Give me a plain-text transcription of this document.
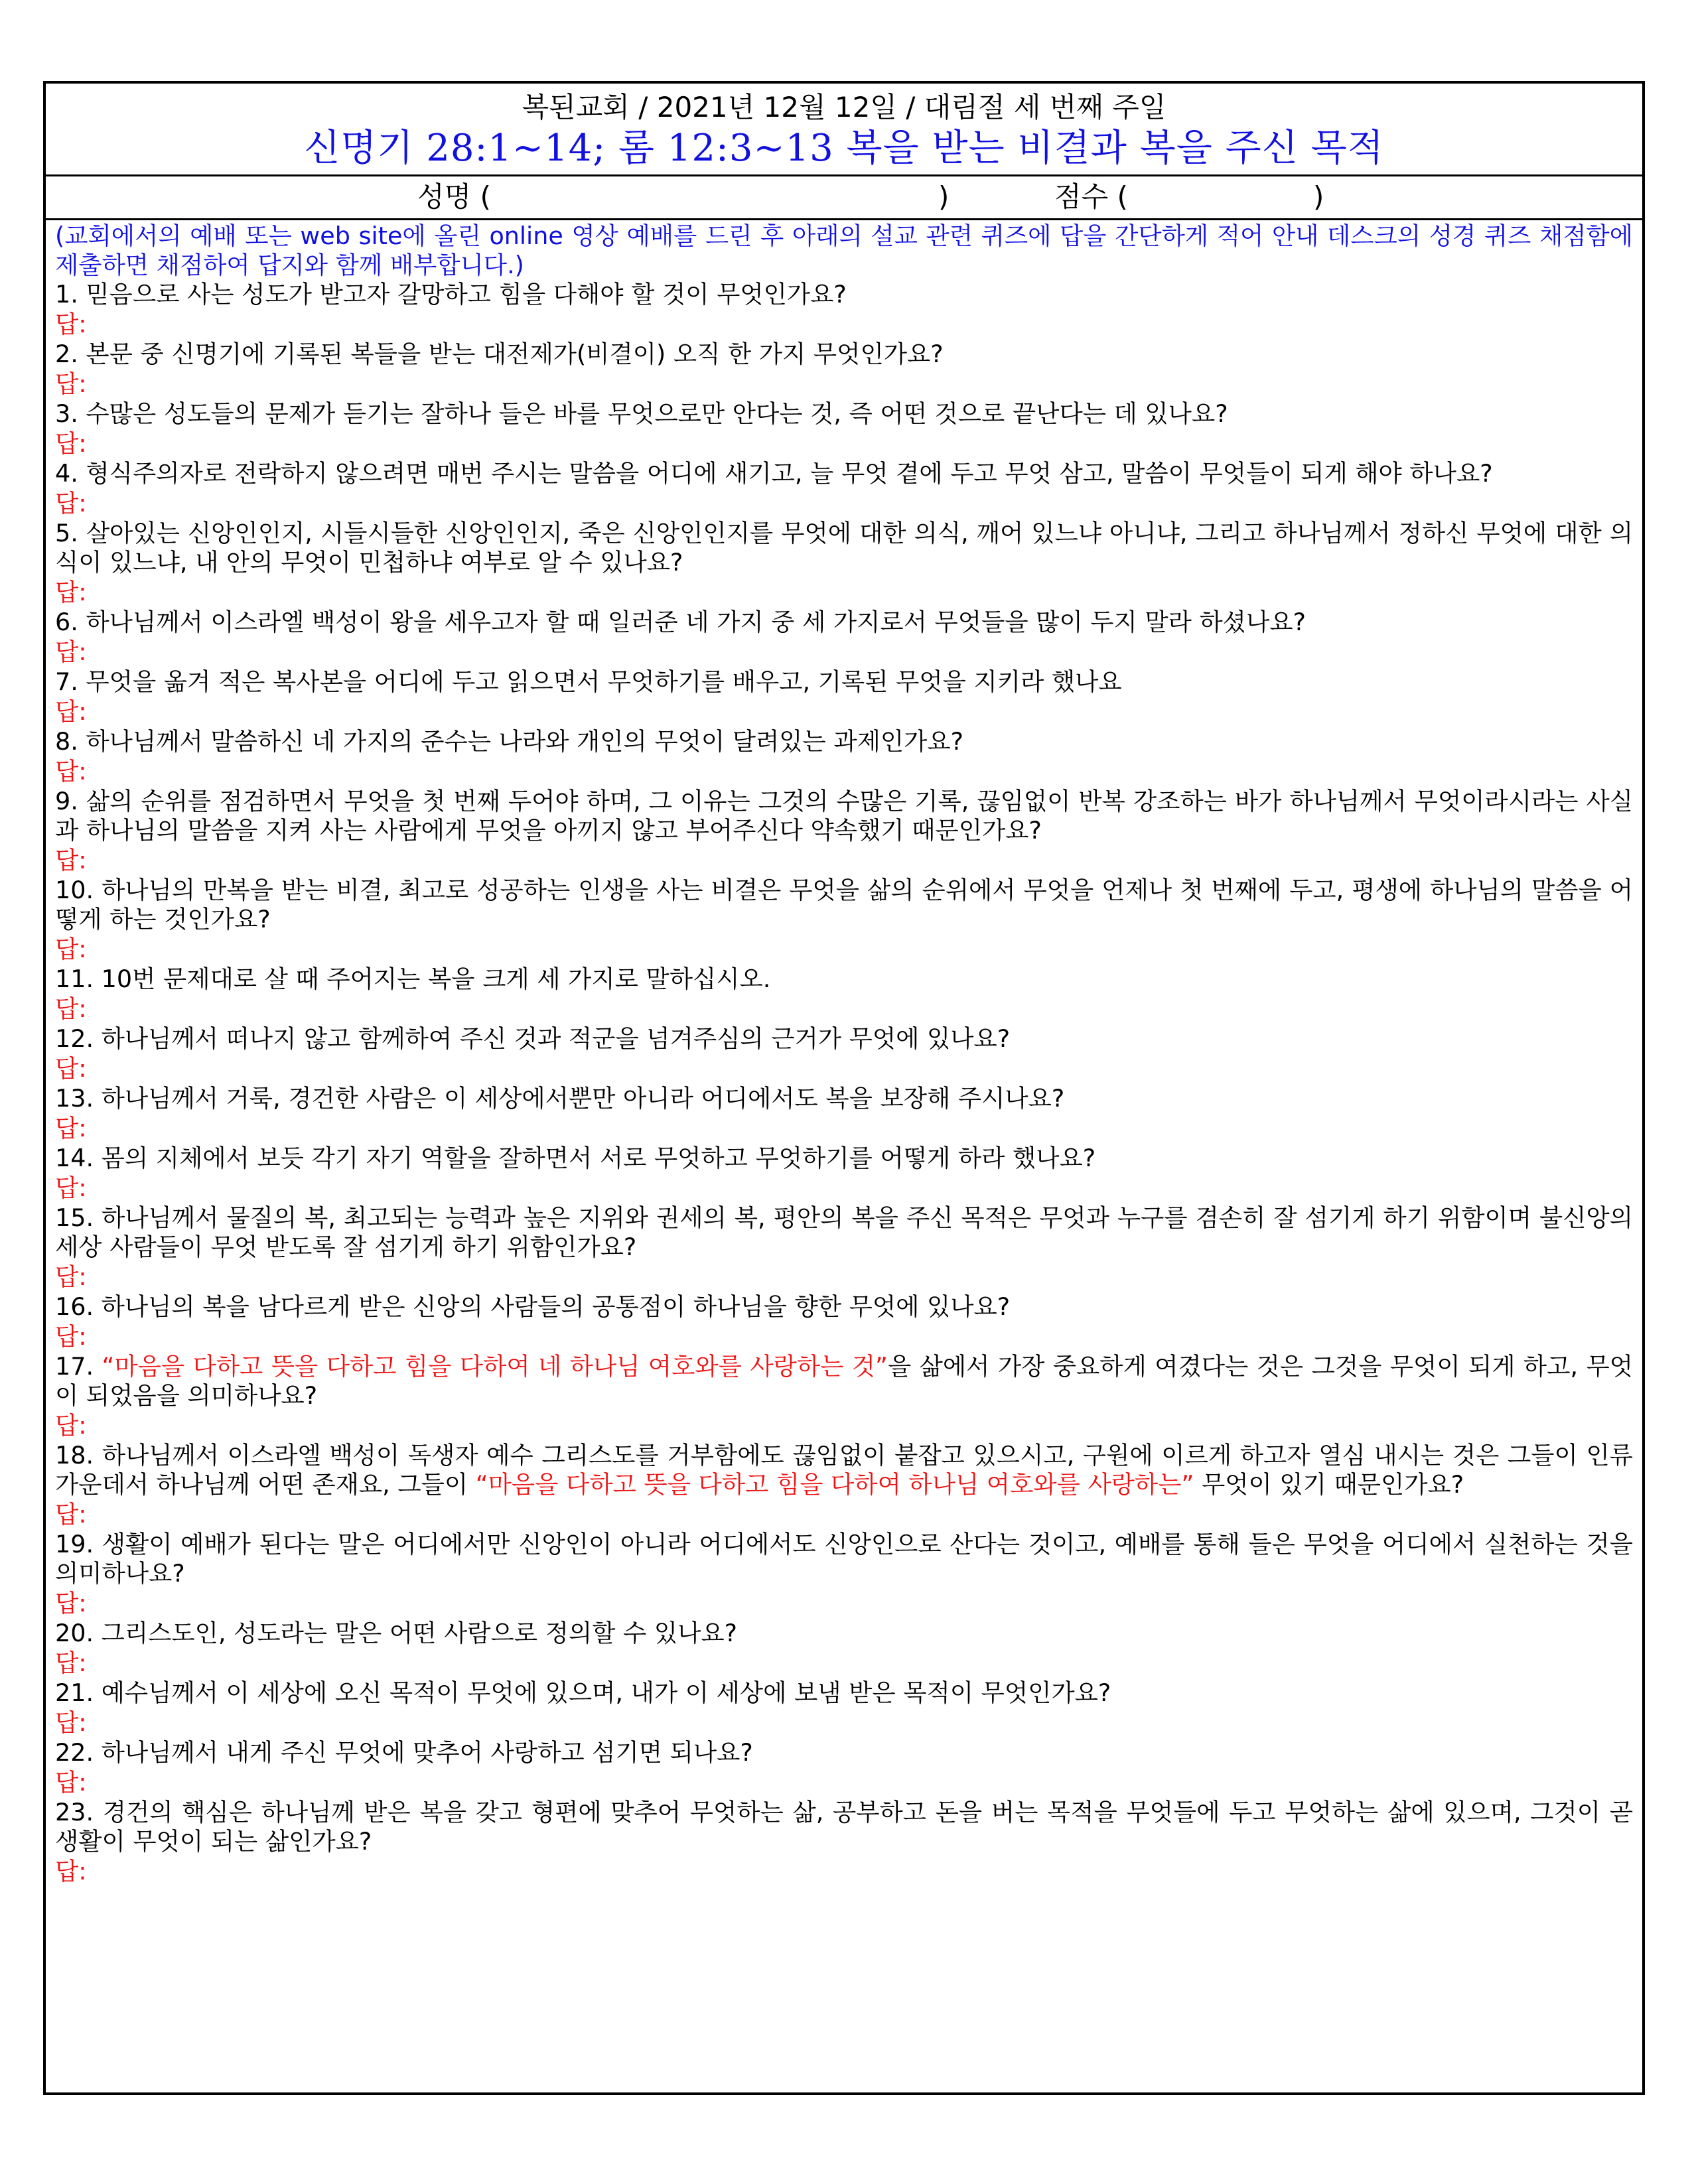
복된교회 / 2021년 12월 12일 / 대림절 세 번째 주일
신명기 28:1~14; 롬 12:3~13 복을 받는 비결과 복을 주신 목적
성명 (	)	점수 (	)

(교회에서의 예배 또는 web site에 올린 online 영상 예배를 드린 후 아래의 설교 관련 퀴즈에 답을 간단하게 적어 안내 데스크의 성경 퀴즈 채점함에 제출하면 채점하여 답지와 함께 배부합니다.)

1. 믿음으로 사는 성도가 받고자 갈망하고 힘을 다해야 할 것이 무엇인가요?

답:

2. 본문 중 신명기에 기록된 복들을 받는 대전제가(비결이) 오직 한 가지 무엇인가요?

답:

3. 수많은 성도들의 문제가 듣기는 잘하나 들은 바를 무엇으로만 안다는 것, 즉 어떤 것으로 끝난다는 데 있나요?

답:

4. 형식주의자로 전락하지 않으려면 매번 주시는 말씀을 어디에 새기고, 늘 무엇 곁에 두고 무엇 삼고, 말씀이 무엇들이 되게 해야 하나요?

답:

5. 살아있는 신앙인인지, 시들시들한 신앙인인지, 죽은 신앙인인지를 무엇에 대한 의식, 깨어 있느냐 아니냐, 그리고 하나님께서 정하신 무엇에 대한 의식이 있느냐, 내 안의 무엇이 민첩하냐 여부로 알 수 있나요?

답:

6. 하나님께서 이스라엘 백성이 왕을 세우고자 할 때 일러준 네 가지 중 세 가지로서 무엇들을 많이 두지 말라 하셨나요?

답:

7. 무엇을 옮겨 적은 복사본을 어디에 두고 읽으면서 무엇하기를 배우고, 기록된 무엇을 지키라 했나요

답:

8. 하나님께서 말씀하신 네 가지의 준수는 나라와 개인의 무엇이 달려있는 과제인가요?

답:

9. 삶의 순위를 점검하면서 무엇을 첫 번째 두어야 하며, 그 이유는 그것의 수많은 기록, 끊임없이 반복 강조하는 바가 하나님께서 무엇이라시라는 사실과 하나님의 말씀을 지켜 사는 사람에게 무엇을 아끼지 않고 부어주신다 약속했기 때문인가요?

답:

10. 하나님의 만복을 받는 비결, 최고로 성공하는 인생을 사는 비결은 무엇을 삶의 순위에서 무엇을 언제나 첫 번째에 두고, 평생에 하나님의 말씀을 어떻게 하는 것인가요?

답:

11. 10번 문제대로 살 때 주어지는 복을 크게 세 가지로 말하십시오.

답:

12. 하나님께서 떠나지 않고 함께하여 주신 것과 적군을 넘겨주심의 근거가 무엇에 있나요?

답:

13. 하나님께서 거룩, 경건한 사람은 이 세상에서뿐만 아니라 어디에서도 복을 보장해 주시나요?

답:

14. 몸의 지체에서 보듯 각기 자기 역할을 잘하면서 서로 무엇하고 무엇하기를 어떻게 하라 했나요?

답:

15. 하나님께서 물질의 복, 최고되는 능력과 높은 지위와 권세의 복, 평안의 복을 주신 목적은 무엇과 누구를 겸손히 잘 섬기게 하기 위함이며 불신앙의 세상 사람들이 무엇 받도록 잘 섬기게 하기 위함인가요?

답:

16. 하나님의 복을 남다르게 받은 신앙의 사람들의 공통점이 하나님을 향한 무엇에 있나요?

답:

17. “마음을 다하고 뜻을 다하고 힘을 다하여 네 하나님 여호와를 사랑하는 것”을 삶에서 가장 중요하게 여겼다는 것은 그것을 무엇이 되게 하고, 무엇이 되었음을 의미하나요?

답:

18. 하나님께서 이스라엘 백성이 독생자 예수 그리스도를 거부함에도 끊임없이 붙잡고 있으시고, 구원에 이르게 하고자 열심 내시는 것은 그들이 인류 가운데서 하나님께 어떤 존재요, 그들이 “마음을 다하고 뜻을 다하고 힘을 다하여 하나님 여호와를 사랑하는” 무엇이 있기 때문인가요?

답:

19. 생활이 예배가 된다는 말은 어디에서만 신앙인이 아니라 어디에서도 신앙인으로 산다는 것이고, 예배를 통해 들은 무엇을 어디에서 실천하는 것을 의미하나요?

답:

20. 그리스도인, 성도라는 말은 어떤 사람으로 정의할 수 있나요?

답:

21. 예수님께서 이 세상에 오신 목적이 무엇에 있으며, 내가 이 세상에 보냄 받은 목적이 무엇인가요?

답:

22. 하나님께서 내게 주신 무엇에 맞추어 사랑하고 섬기면 되나요?

답:

23. 경건의 핵심은 하나님께 받은 복을 갖고 형편에 맞추어 무엇하는 삶, 공부하고 돈을 버는 목적을 무엇들에 두고 무엇하는 삶에 있으며, 그것이 곧 생활이 무엇이 되는 삶인가요?

답:
